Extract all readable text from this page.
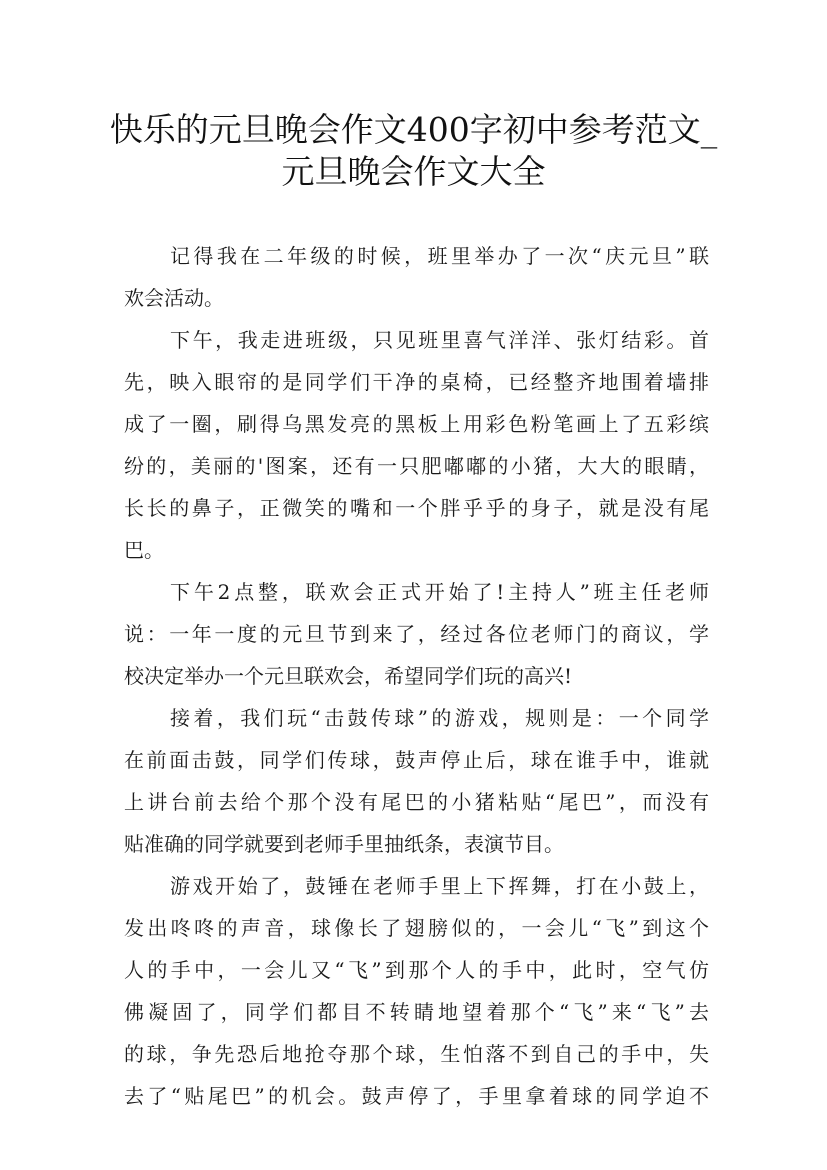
快乐的元旦晚会作文400字初中参考范文_
元旦晚会作文大全

记得我在二年级的时候，班里举办了一次“庆元旦”联

欢会活动。

下午，我走进班级，只见班里喜气洋洋、张灯结彩。首

先，映入眼帘的是同学们干净的桌椅，已经整齐地围着墙排

成了一圈，刷得乌黑发亮的黑板上用彩色粉笔画上了五彩缤

纷的，美丽的'图案，还有一只肥嘟嘟的小猪，大大的眼睛，

长长的鼻子，正微笑的嘴和一个胖乎乎的身子，就是没有尾

巴。

下午2点整，联欢会正式开始了!主持人”班主任老师

说：一年一度的元旦节到来了，经过各位老师门的商议，学

校决定举办一个元旦联欢会，希望同学们玩的高兴!

接着，我们玩“击鼓传球”的游戏，规则是：一个同学

在前面击鼓，同学们传球，鼓声停止后，球在谁手中，谁就

上讲台前去给个那个没有尾巴的小猪粘贴“尾巴”，而没有

贴准确的同学就要到老师手里抽纸条，表演节目。

游戏开始了，鼓锤在老师手里上下挥舞，打在小鼓上，

发出咚咚的声音，球像长了翅膀似的，一会儿“飞”到这个

人的手中，一会儿又“飞”到那个人的手中，此时，空气仿

佛凝固了，同学们都目不转睛地望着那个“飞”来“飞”去

的球，争先恐后地抢夺那个球，生怕落不到自己的手中，失

去了“贴尾巴”的机会。鼓声停了，手里拿着球的同学迫不
